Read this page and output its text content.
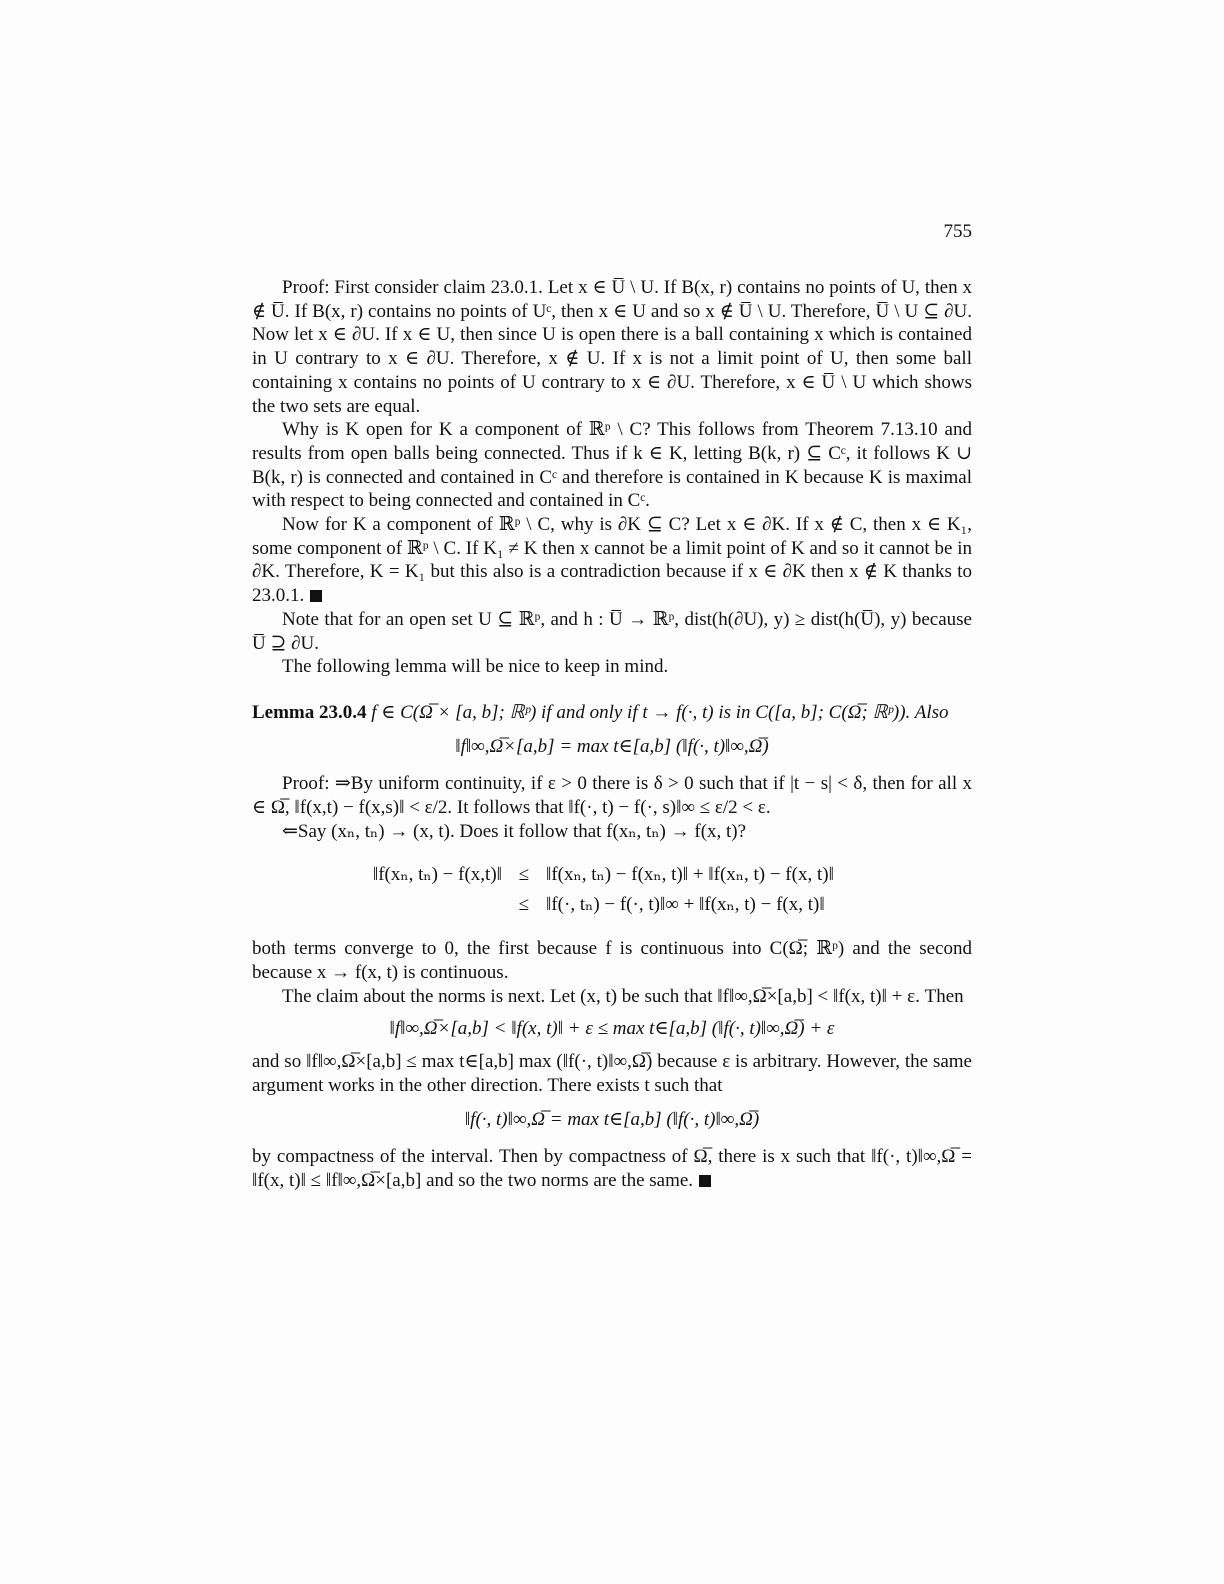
755

Proof: First consider claim 23.0.1. Let x ∈ U̅ \ U. If B(x, r) contains no points of U, then x ∉ U̅. If B(x, r) contains no points of Uᶜ, then x ∈ U and so x ∉ U̅ \ U. Therefore, U̅ \ U ⊆ ∂U. Now let x ∈ ∂U. If x ∈ U, then since U is open there is a ball containing x which is contained in U contrary to x ∈ ∂U. Therefore, x ∉ U. If x is not a limit point of U, then some ball containing x contains no points of U contrary to x ∈ ∂U. Therefore, x ∈ U̅ \ U which shows the two sets are equal.

Why is K open for K a component of ℝᵖ \ C? This follows from Theorem 7.13.10 and results from open balls being connected. Thus if k ∈ K, letting B(k, r) ⊆ Cᶜ, it follows K ∪ B(k, r) is connected and contained in Cᶜ and therefore is contained in K because K is maximal with respect to being connected and contained in Cᶜ.

Now for K a component of ℝᵖ \ C, why is ∂K ⊆ C? Let x ∈ ∂K. If x ∉ C, then x ∈ K₁, some component of ℝᵖ \ C. If K₁ ≠ K then x cannot be a limit point of K and so it cannot be in ∂K. Therefore, K = K₁ but this also is a contradiction because if x ∈ ∂K then x ∉ K thanks to 23.0.1.

Note that for an open set U ⊆ ℝᵖ, and h : U̅ → ℝᵖ, dist(h(∂U), y) ≥ dist(h(U̅), y) because U̅ ⊇ ∂U.

The following lemma will be nice to keep in mind.

Lemma 23.0.4 f ∈ C(Ω̅ × [a, b]; ℝᵖ) if and only if t → f(·, t) is in C([a, b]; C(Ω̅; ℝᵖ)). Also

‖f‖∞,Ω̅×[a,b] = max t∈[a,b] (‖f(·, t)‖∞,Ω̅)

Proof: ⇒By uniform continuity, if ε > 0 there is δ > 0 such that if |t − s| < δ, then for all x ∈ Ω̅, ‖f(x,t) − f(x,s)‖ < ε/2. It follows that ‖f(·, t) − f(·, s)‖∞ ≤ ε/2 < ε.

⇐Say (xₙ, tₙ) → (x, t). Does it follow that f(xₙ, tₙ) → f(x, t)?

‖f(xₙ, tₙ) − f(x,t)‖ ≤ ‖f(xₙ, tₙ) − f(xₙ, t)‖ + ‖f(xₙ, t) − f(x, t)‖
≤ ‖f(·, tₙ) − f(·, t)‖∞ + ‖f(xₙ, t) − f(x, t)‖

both terms converge to 0, the first because f is continuous into C(Ω̅; ℝᵖ) and the second because x → f(x, t) is continuous.

The claim about the norms is next. Let (x, t) be such that ‖f‖∞,Ω̅×[a,b] < ‖f(x, t)‖ + ε. Then

‖f‖∞,Ω̅×[a,b] < ‖f(x, t)‖ + ε ≤ max t∈[a,b] (‖f(·, t)‖∞,Ω̅) + ε

and so ‖f‖∞,Ω̅×[a,b] ≤ max t∈[a,b] max (‖f(·, t)‖∞,Ω̅) because ε is arbitrary. However, the same argument works in the other direction. There exists t such that

‖f(·, t)‖∞,Ω̅ = max t∈[a,b] (‖f(·, t)‖∞,Ω̅)

by compactness of the interval. Then by compactness of Ω̅, there is x such that ‖f(·, t)‖∞,Ω̅ = ‖f(x, t)‖ ≤ ‖f‖∞,Ω̅×[a,b] and so the two norms are the same.
